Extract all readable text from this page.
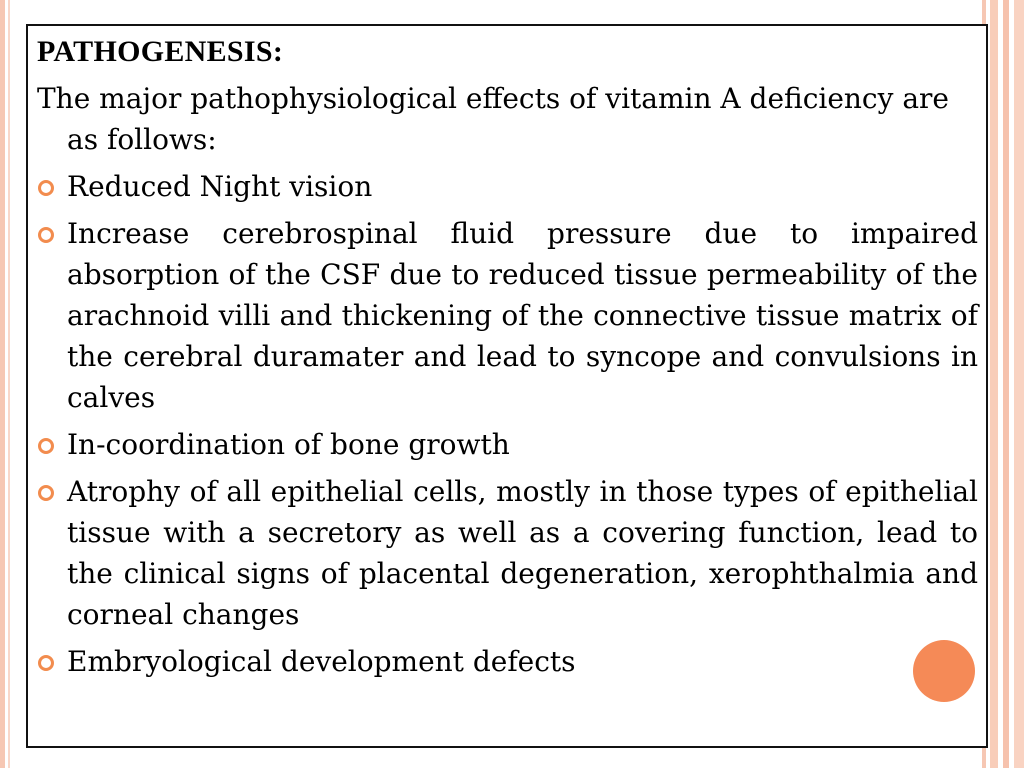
PATHOGENESIS:

The major pathophysiological effects of vitamin A deficiency are as follows:

Reduced Night vision
Increase cerebrospinal fluid pressure due to impaired absorption of the CSF due to reduced tissue permeability of the arachnoid villi and thickening of the connective tissue matrix of the cerebral duramater and lead to syncope and convulsions in calves
In-coordination of bone growth
Atrophy of all epithelial cells, mostly in those types of epithelial tissue with a secretory as well as a covering function, lead to the clinical signs of placental degeneration, xerophthalmia and corneal changes
Embryological development defects
